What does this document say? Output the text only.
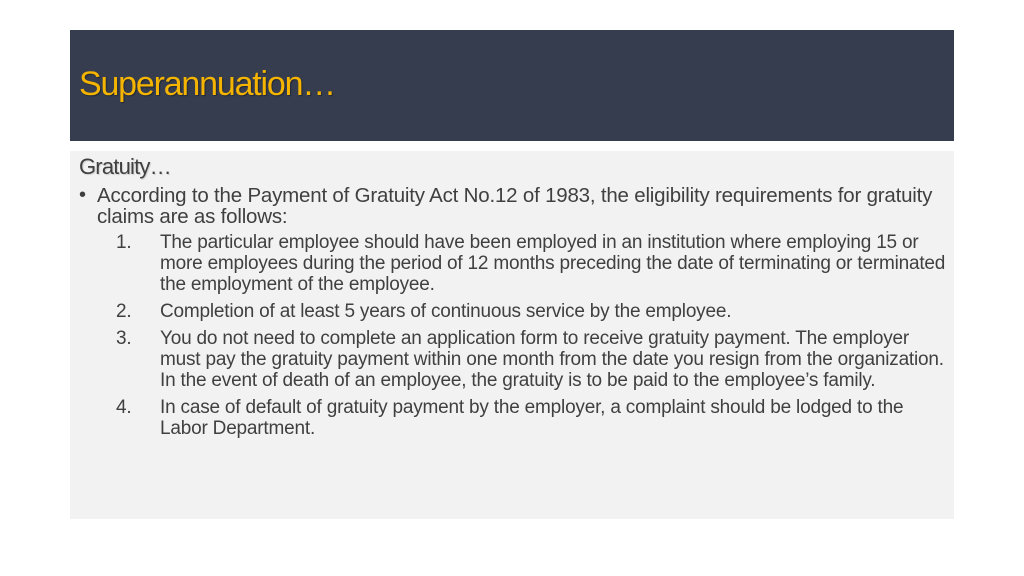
Superannuation…
Gratuity…
• According to the Payment of Gratuity Act No.12 of 1983, the eligibility requirements for gratuity claims are as follows:
1. The particular employee should have been employed in an institution where employing 15 or more employees during the period of 12 months preceding the date of terminating or terminated the employment of the employee.
2. Completion of at least 5 years of continuous service by the employee.
3. You do not need to complete an application form to receive gratuity payment. The employer must pay the gratuity payment within one month from the date you resign from the organization. In the event of death of an employee, the gratuity is to be paid to the employee’s family.
4. In case of default of gratuity payment by the employer, a complaint should be lodged to the Labor Department.
